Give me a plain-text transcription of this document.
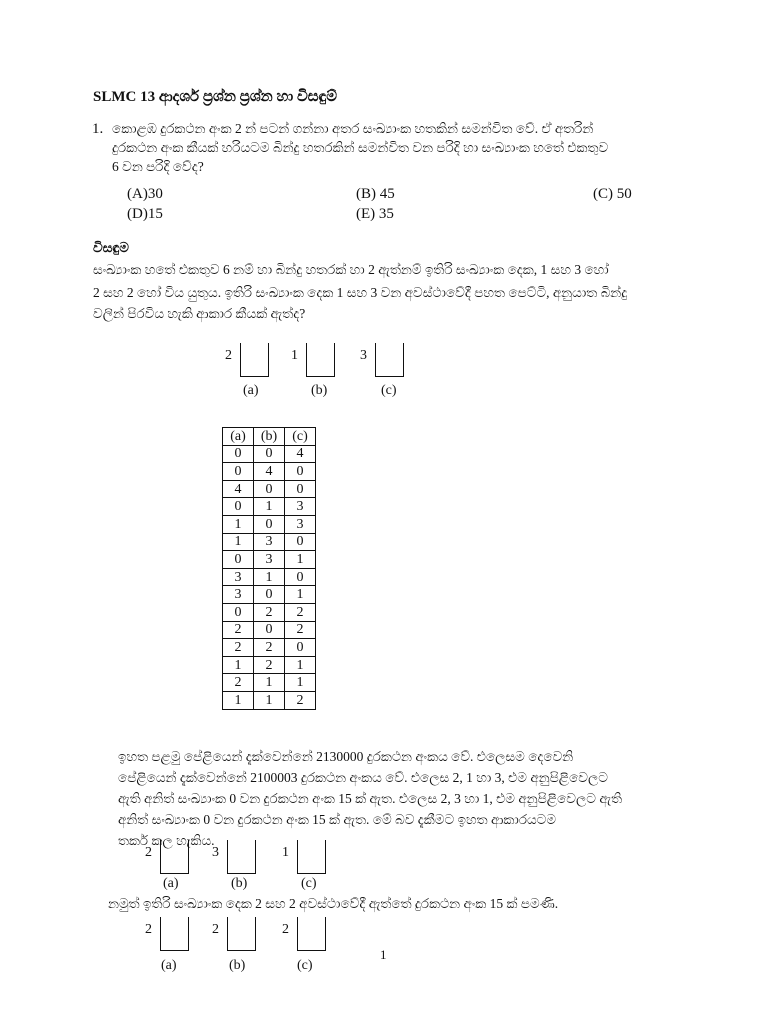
SLMC 13 ආදර්ශ ප්‍රශ්න ප්‍රශ්න හා විසඳුම්
1. කොළඹ දුරකථන අංක 2 න් පටන් ගන්නා අතර සංඛ්‍යාංක හතකින් සමන්විත වේ. ඒ අතරින්
දුරකථන අංක කීයක් හරියටම බින්දු හතරකින් සමන්විත වන පරිදි හා සංඛ්‍යාංක හතේ එකතුව
6 වන පරිදි වේද?
(A)30	(B) 45	(C) 50
(D)15	(E) 35
විසඳුම
සංඛ්‍යාංක හතේ එකතුව 6 නම් හා බින්දු හතරක් හා 2 ඇත්නම් ඉතිරි සංඛ්‍යාංක දෙක, 1 සහ 3 හෝ
2 සහ 2 හෝ විය යුතුය. ඉතිරි සංඛ්‍යාංක දෙක 1 සහ 3 වන අවස්ථාවේදී පහත පෙට්ටි, අනුයාත බින්දු
වලින් පිරවිය හැකි ආකාර කීයක් ඇත්ද?
2
(a)
1
(b)
3
(c)
(a)	(b)	(c)
0	0	4
0	4	0
4	0	0
0	1	3
1	0	3
1	3	0
0	3	1
3	1	0
3	0	1
0	2	2
2	0	2
2	2	0
1	2	1
2	1	1
1	1	2
ඉහත පළමු පේළියෙන් දැක්වෙන්නේ 2130000 දුරකථන අංකය වේ. එලෙසම දෙවෙනි
පේළියෙන් දැක්වෙන්නේ 2100003 දුරකථන අංකය වේ. එලෙස 2, 1 හා 3, එම අනුපිළිවෙලට
ඇති අනිත් සංඛ්‍යාංක 0 වන දුරකථන අංක 15 ක් ඇත. එලෙස 2, 3 හා 1, එම අනුපිළිවෙලට ඇති
අනිත් සංඛ්‍යාංක 0 වන දුරකථන අංක 15 ක් ඇත. මේ බව දැකීමට ඉහත ආකාරයටම
තර්ක කල හැකිය.
2
(a)
3
(b)
1
(c)
නමුත් ඉතිරි සංඛ්‍යාංක දෙක 2 සහ 2 අවස්ථාවේදී ඇත්තේ දුරකථන අංක 15 ක් පමණි.
2
(a)
2
(b)
2
(c)
1
